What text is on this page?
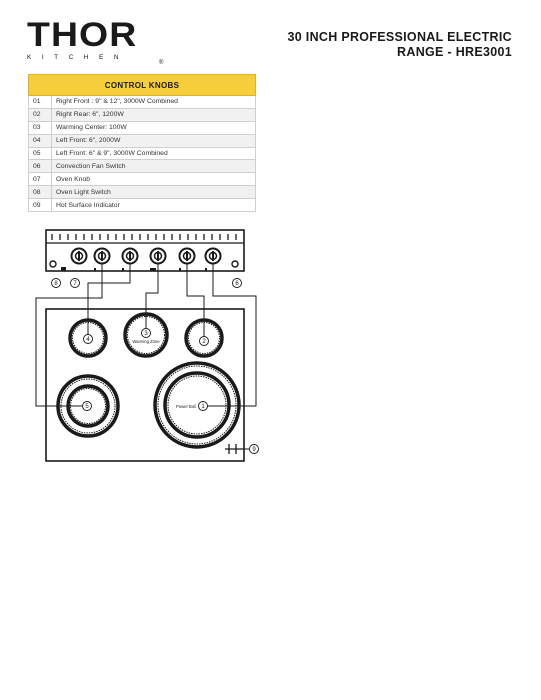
THOR
KITCHEN
®
30 INCH PROFESSIONAL ELECTRIC
RANGE - HRE3001
CONTROL KNOBS	
01	Right Front : 9" & 12", 3000W Combined
02	Right Rear: 6", 1200W
03	Warming Center: 100W
04	Left Front: 6", 2000W
05	Left Front: 6" & 9", 3000W Combined
06	Convection Fan Switch
07	Oven Knob
08	Oven Light Switch
09	Hot Surface Indicator
8	7	6
4
3
2
5	1
9
Warming Zone
Power Boil
